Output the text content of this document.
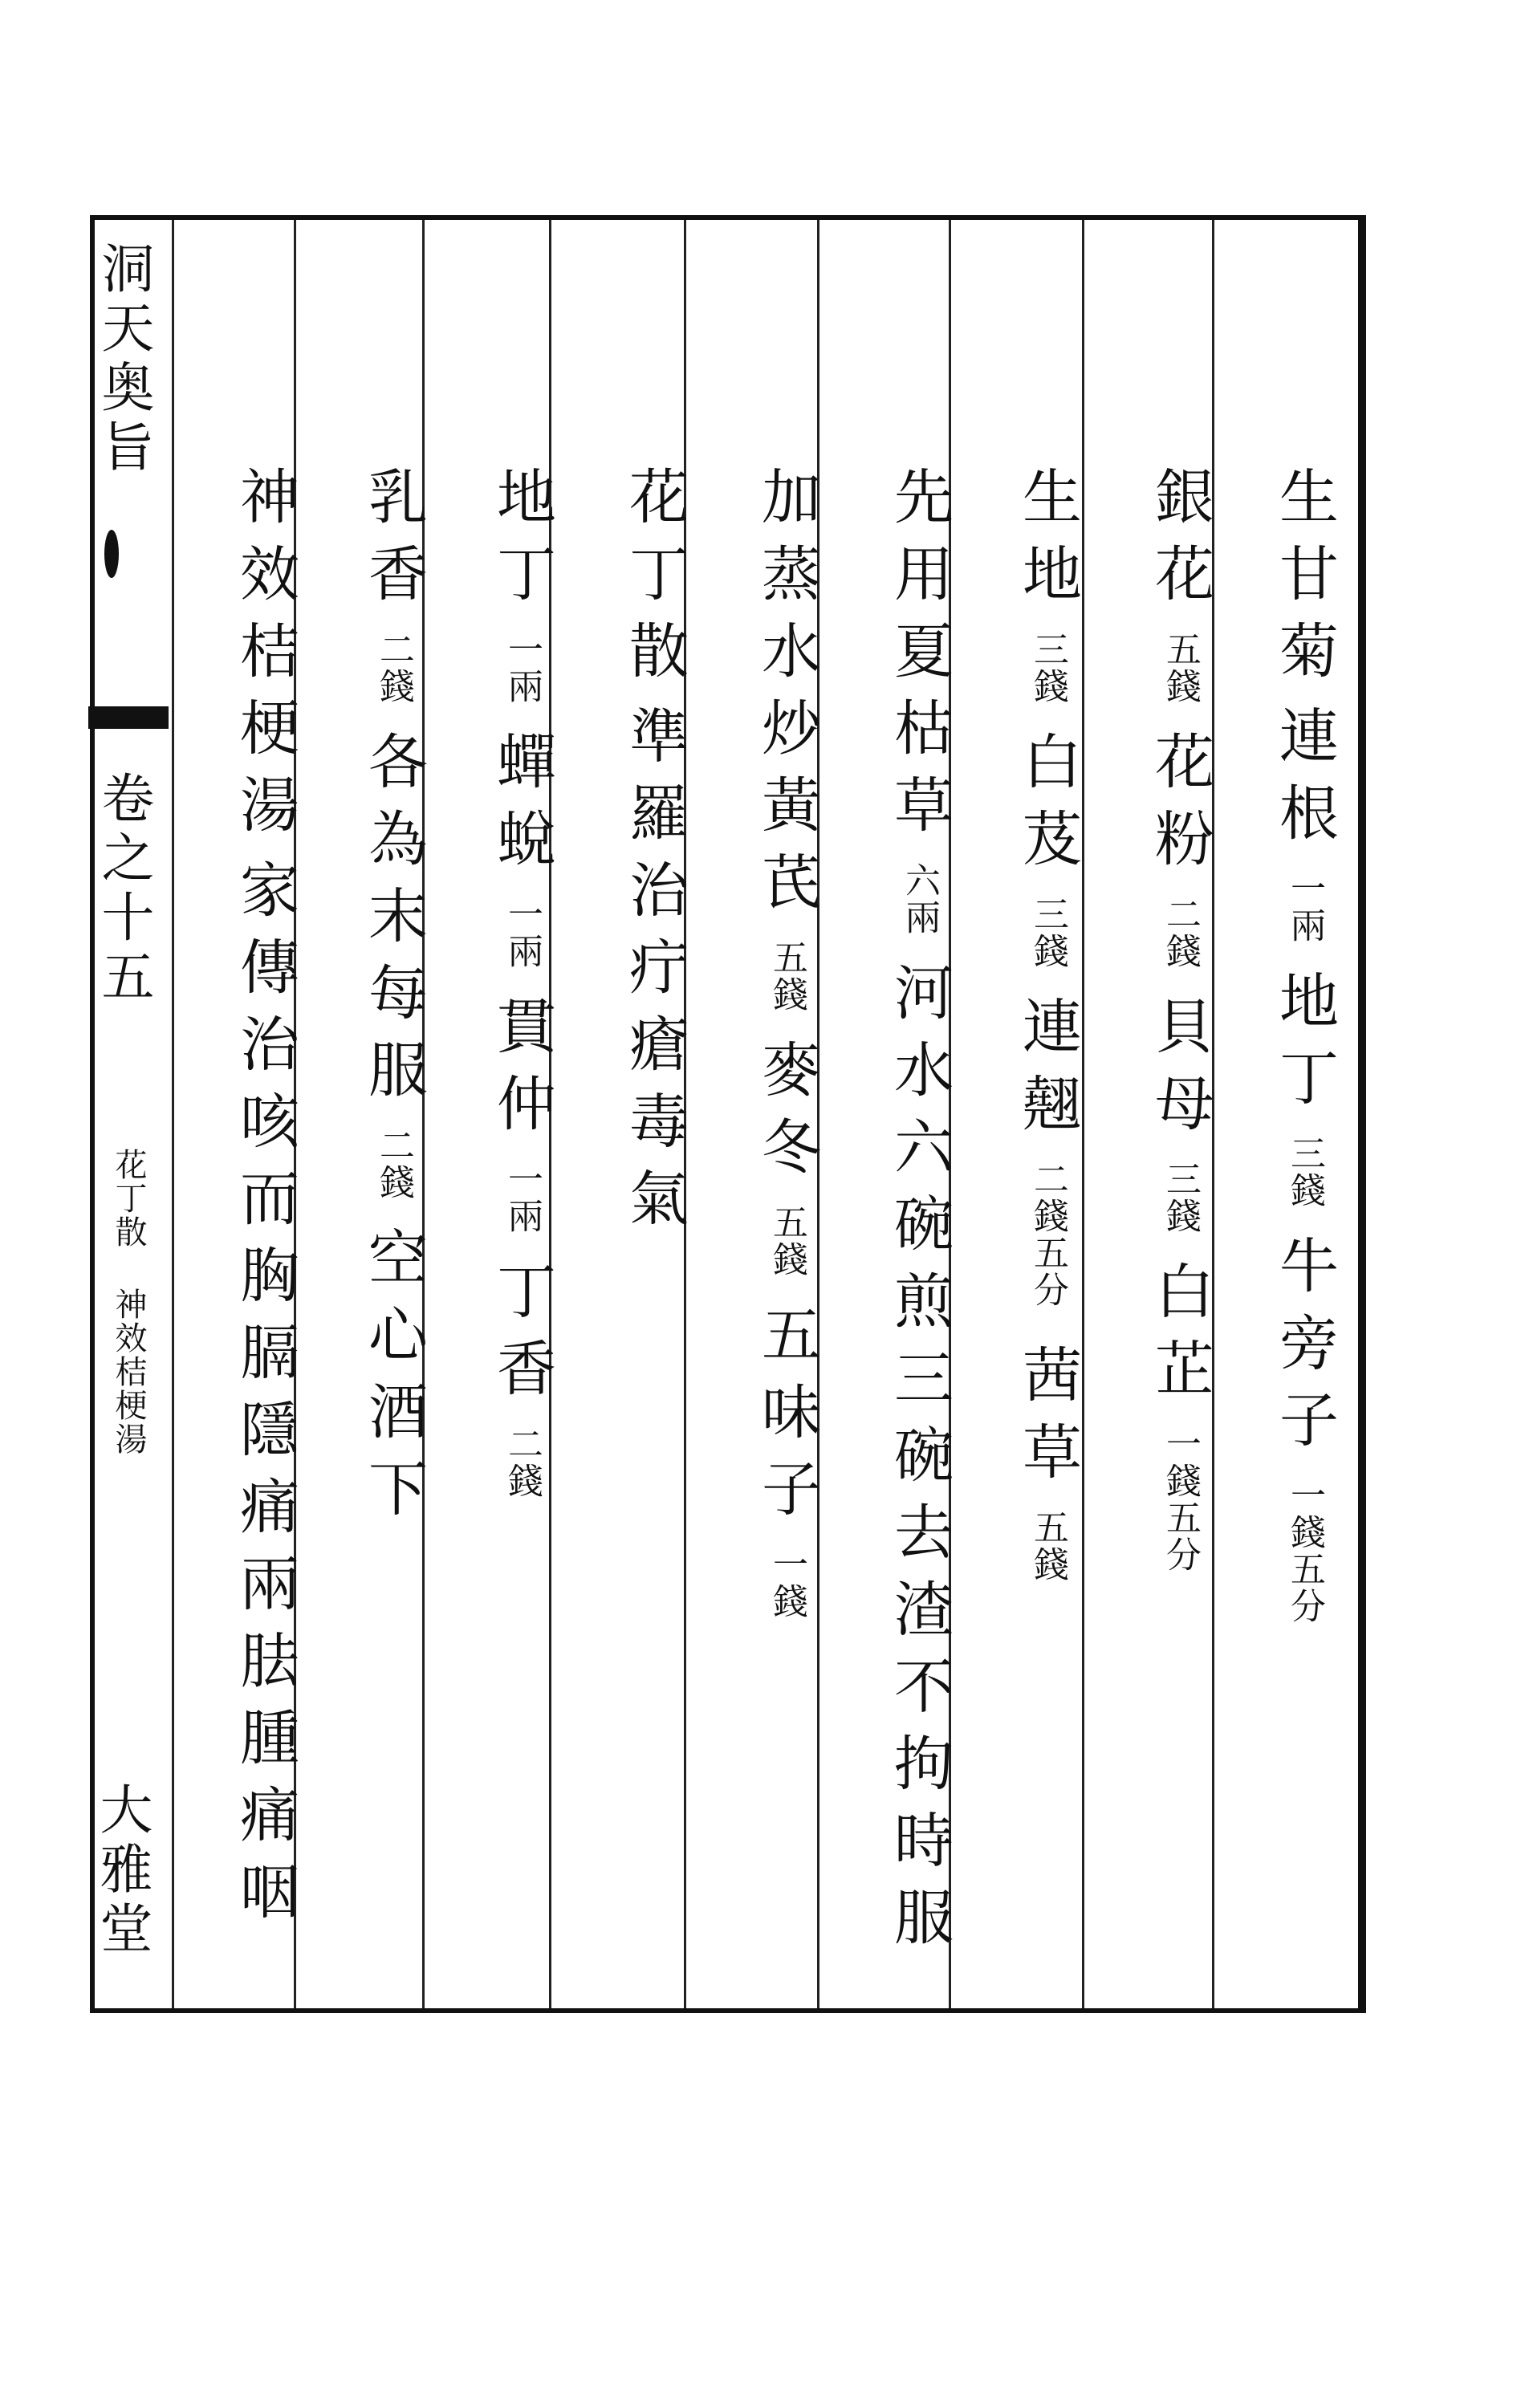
洞天奥旨
卷之十五
花丁散 神效桔梗湯
大雅堂
生甘菊
連根
一兩
地丁
三錢
牛旁子
一錢五分
銀花
五錢
花粉
二錢
貝母
三錢
白芷
一錢五分
生地
三錢
白芨
三錢
連翹
二錢五分
茜草
五錢
先用夏枯草
六兩
河水六碗煎三碗去渣不拘時服
加蒸水炒黃芪
五錢
麥冬
五錢
五味子
一錢
花丁散
準羅治疔瘡毒氣
地丁
一兩
蟬蛻
一兩
貫仲
一兩
丁香
二錢
乳香
二錢
各為末每服
二錢
空心酒下
神效桔梗湯
家傳治咳而胸膈隱痛兩胠腫痛咽
